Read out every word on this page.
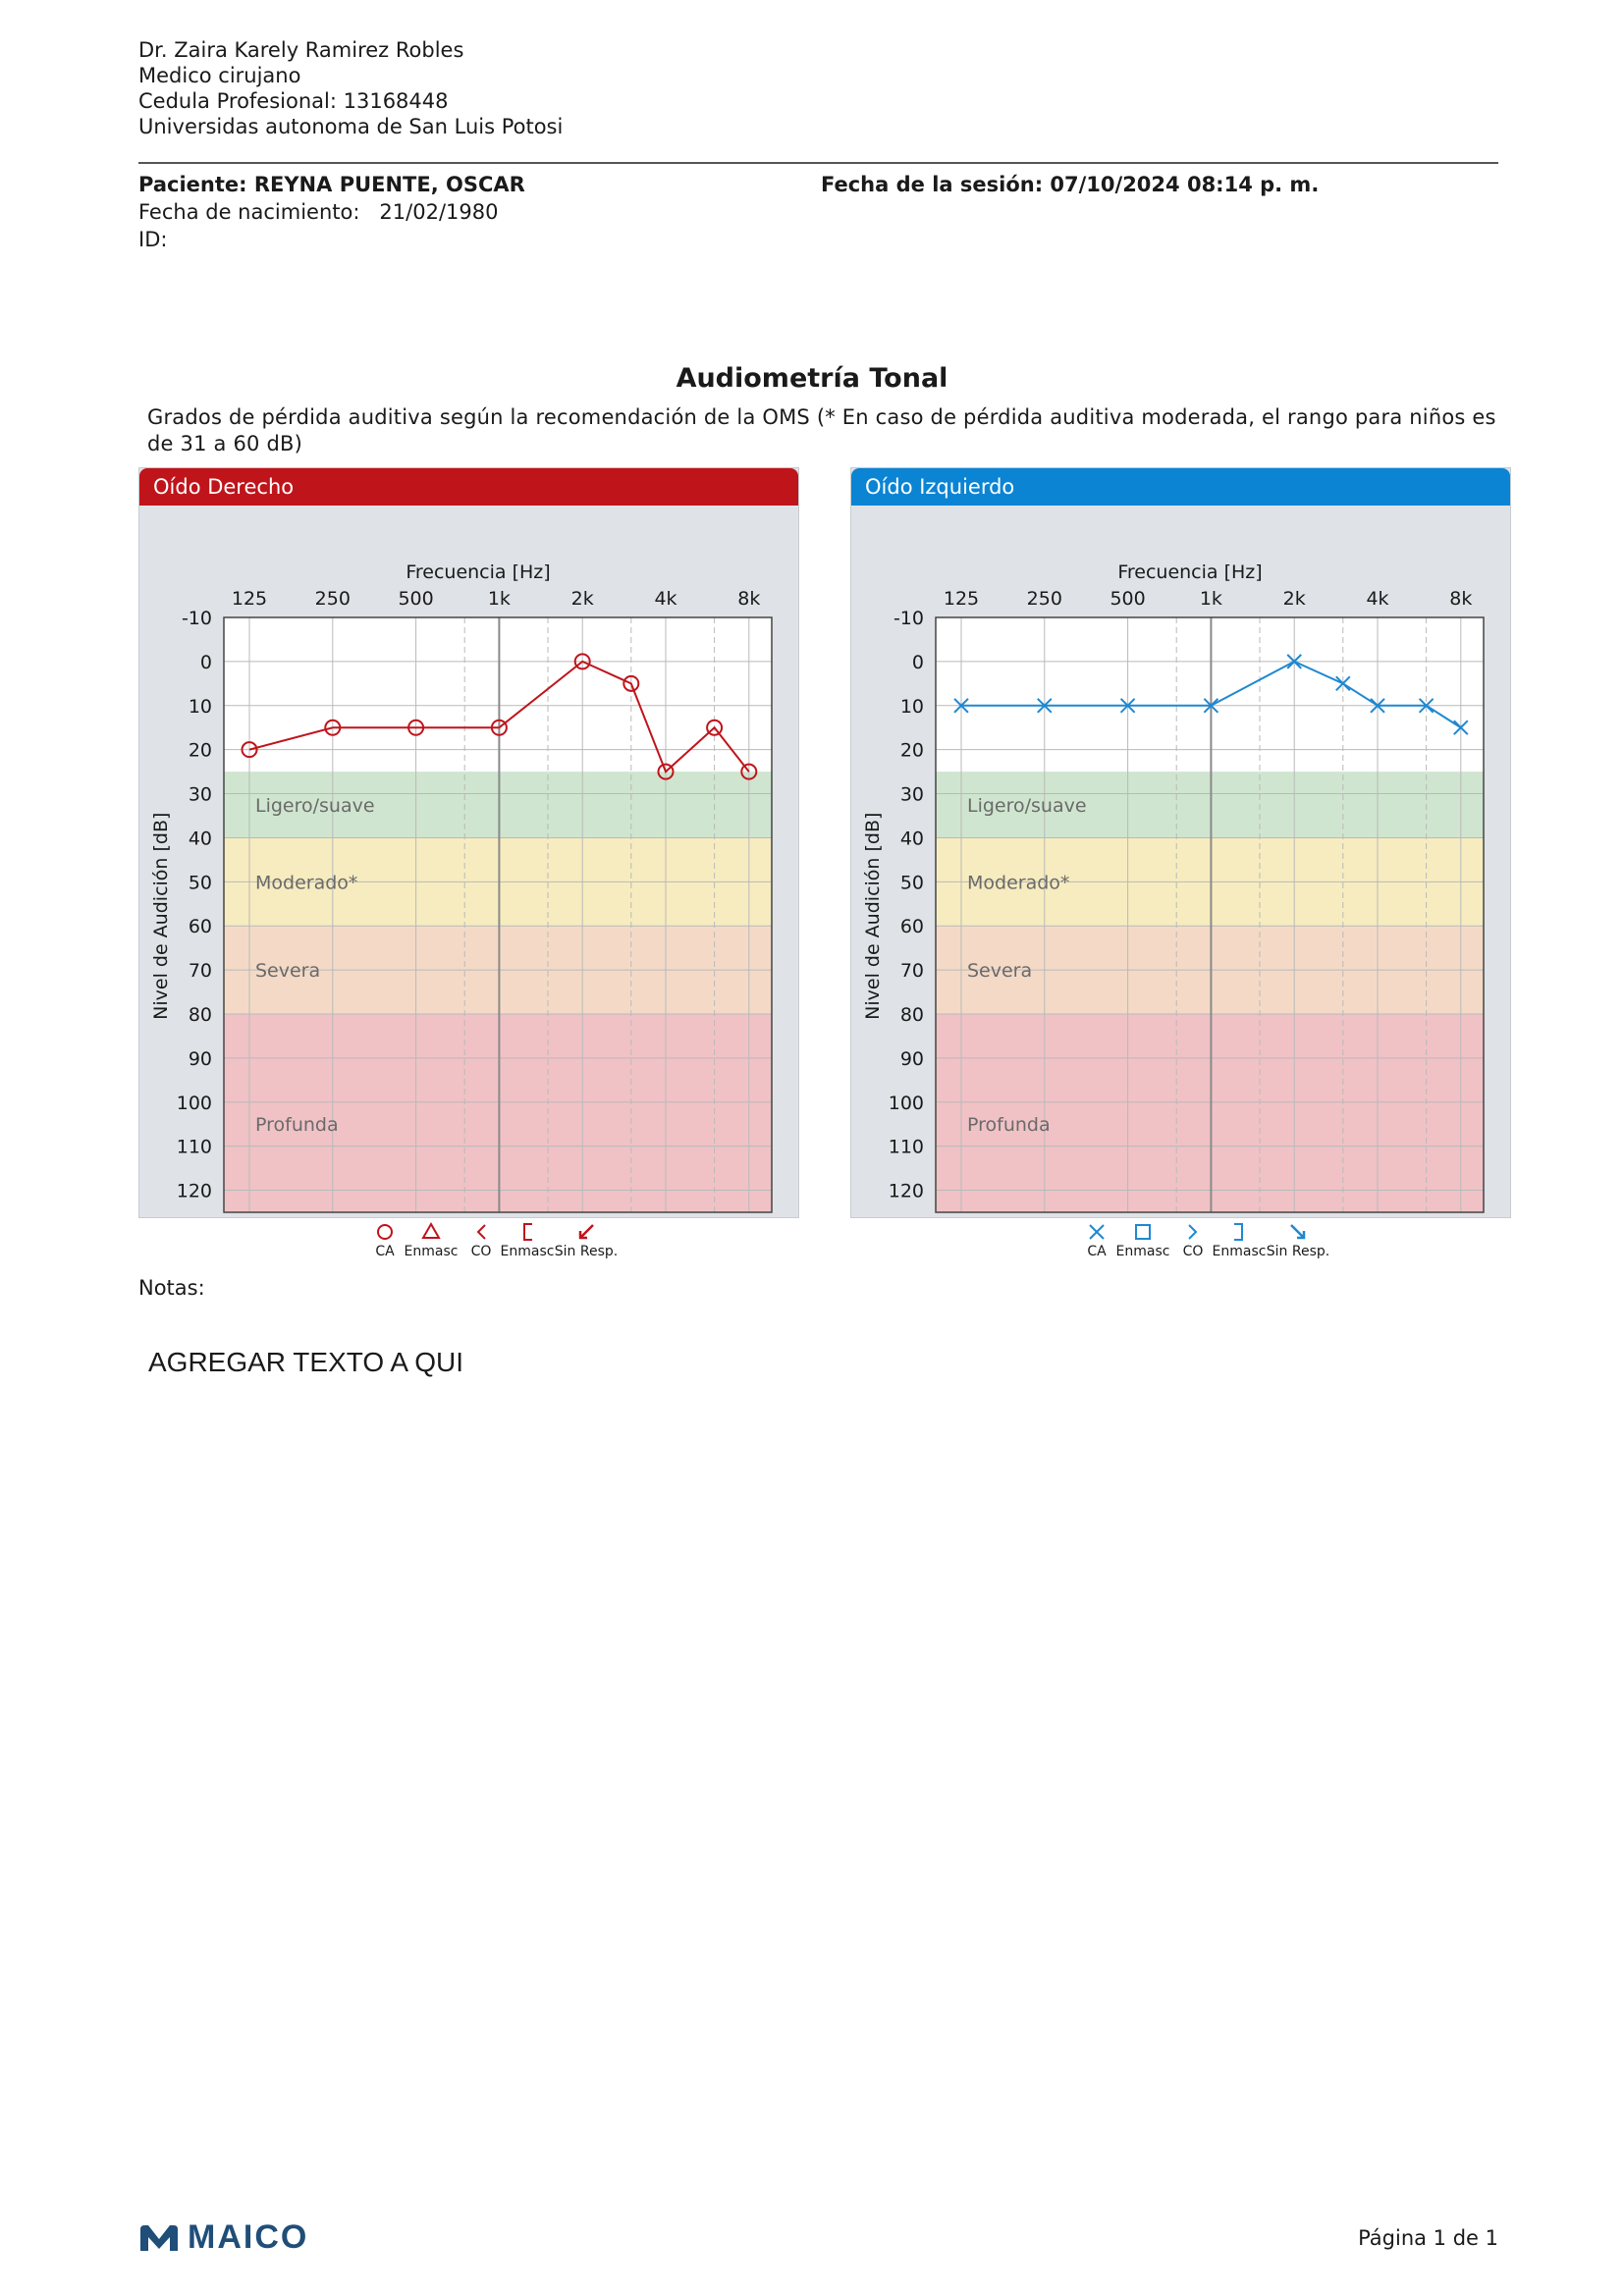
Dr. Zaira Karely Ramirez Robles
Medico cirujano
Cedula Profesional: 13168448
Universidas autonoma de San Luis Potosi
Paciente: REYNA PUENTE, OSCAR
Fecha de nacimiento: 21/02/1980
ID:
Fecha de la sesión: 07/10/2024 08:14 p. m.
Audiometría Tonal
Grados de pérdida auditiva según la recomendación de la OMS (* En caso de pérdida auditiva moderada, el rango para niños es de 31 a 60 dB)
Oído Derecho
Ligero/suave
Moderado*
Severa
Profunda
-10
0
10
20
30
40
50
60
70
80
90
100
110
120
125	250	500	1k	2k	4k	8k
Frecuencia [Hz]
Nivel de Audición [dB]
CA Enmasc CO Enmasc Sin Resp.
Oído Izquierdo
Ligero/suave
Moderado*
Severa
Profunda
-10
0
10
20
30
40
50
60
70
80
90
100
110
120
125	250	500	1k	2k	4k	8k
Frecuencia [Hz]
Nivel de Audición [dB]
CA Enmasc CO Enmasc Sin Resp.
Notas:
AGREGAR TEXTO A QUI
MAICO	Página 1 de 1
